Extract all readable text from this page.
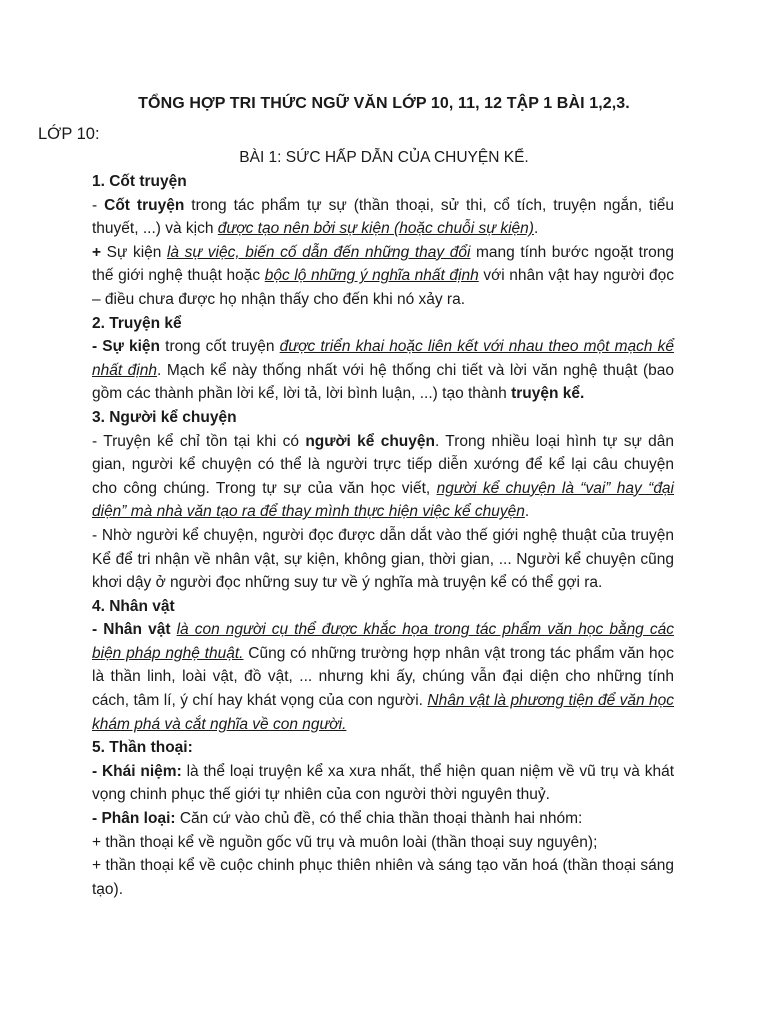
TỔNG HỢP TRI THỨC NGỮ VĂN LỚP 10, 11, 12 TẬP 1 BÀI 1,2,3.
LỚP 10:
BÀI 1: SỨC HẤP DẪN CỦA CHUYỆN KỂ.

1. Cốt truyện

- Cốt truyện trong tác phẩm tự sự (thần thoại, sử thi, cổ tích, truyện ngắn, tiểu thuyết, ...) và kịch được tạo nên bởi sự kiện (hoặc chuỗi sự kiện).

+ Sự kiện là sự việc, biến cố dẫn đến những thay đổi mang tính bước ngoặt trong thế giới nghệ thuật hoặc bộc lộ những ý nghĩa nhất định với nhân vật hay người đọc – điều chưa được họ nhận thấy cho đến khi nó xảy ra.

2. Truyện kể

- Sự kiện trong cốt truyện được triển khai hoặc liên kết với nhau theo một mạch kể nhất định. Mạch kể này thống nhất với hệ thống chi tiết và lời văn nghệ thuật (bao gồm các thành phần lời kể, lời tả, lời bình luận, ...) tạo thành truyện kể.

3. Người kể chuyện

- Truyện kể chỉ tồn tại khi có người kể chuyện. Trong nhiều loại hình tự sự dân gian, người kể chuyện có thể là người trực tiếp diễn xướng để kể lại câu chuyện cho công chúng. Trong tự sự của văn học viết, người kể chuyện là “vai” hay “đại diện” mà nhà văn tạo ra để thay mình thực hiện việc kể chuyện.

- Nhờ người kể chuyện, người đọc được dẫn dắt vào thế giới nghệ thuật của truyện Kể để tri nhận về nhân vật, sự kiện, không gian, thời gian, ... Người kể chuyện cũng khơi dậy ở người đọc những suy tư về ý nghĩa mà truyện kể có thể gợi ra.

4. Nhân vật

- Nhân vật là con người cụ thể được khắc họa trong tác phẩm văn học bằng các biện pháp nghệ thuật. Cũng có những trường hợp nhân vật trong tác phẩm văn học là thần linh, loài vật, đồ vật, ... nhưng khi ấy, chúng vẫn đại diện cho những tính cách, tâm lí, ý chí hay khát vọng của con người. Nhân vật là phương tiện để văn học khám phá và cắt nghĩa về con người.

5. Thần thoại:

- Khái niệm: là thể loại truyện kể xa xưa nhất, thể hiện quan niệm về vũ trụ và khát vọng chinh phục thế giới tự nhiên của con người thời nguyên thuỷ.

- Phân loại: Căn cứ vào chủ đề, có thể chia thần thoại thành hai nhóm:

+ thần thoại kể về nguồn gốc vũ trụ và muôn loài (thần thoại suy nguyên);

+ thần thoại kể về cuộc chinh phục thiên nhiên và sáng tạo văn hoá (thần thoại sáng tạo).
